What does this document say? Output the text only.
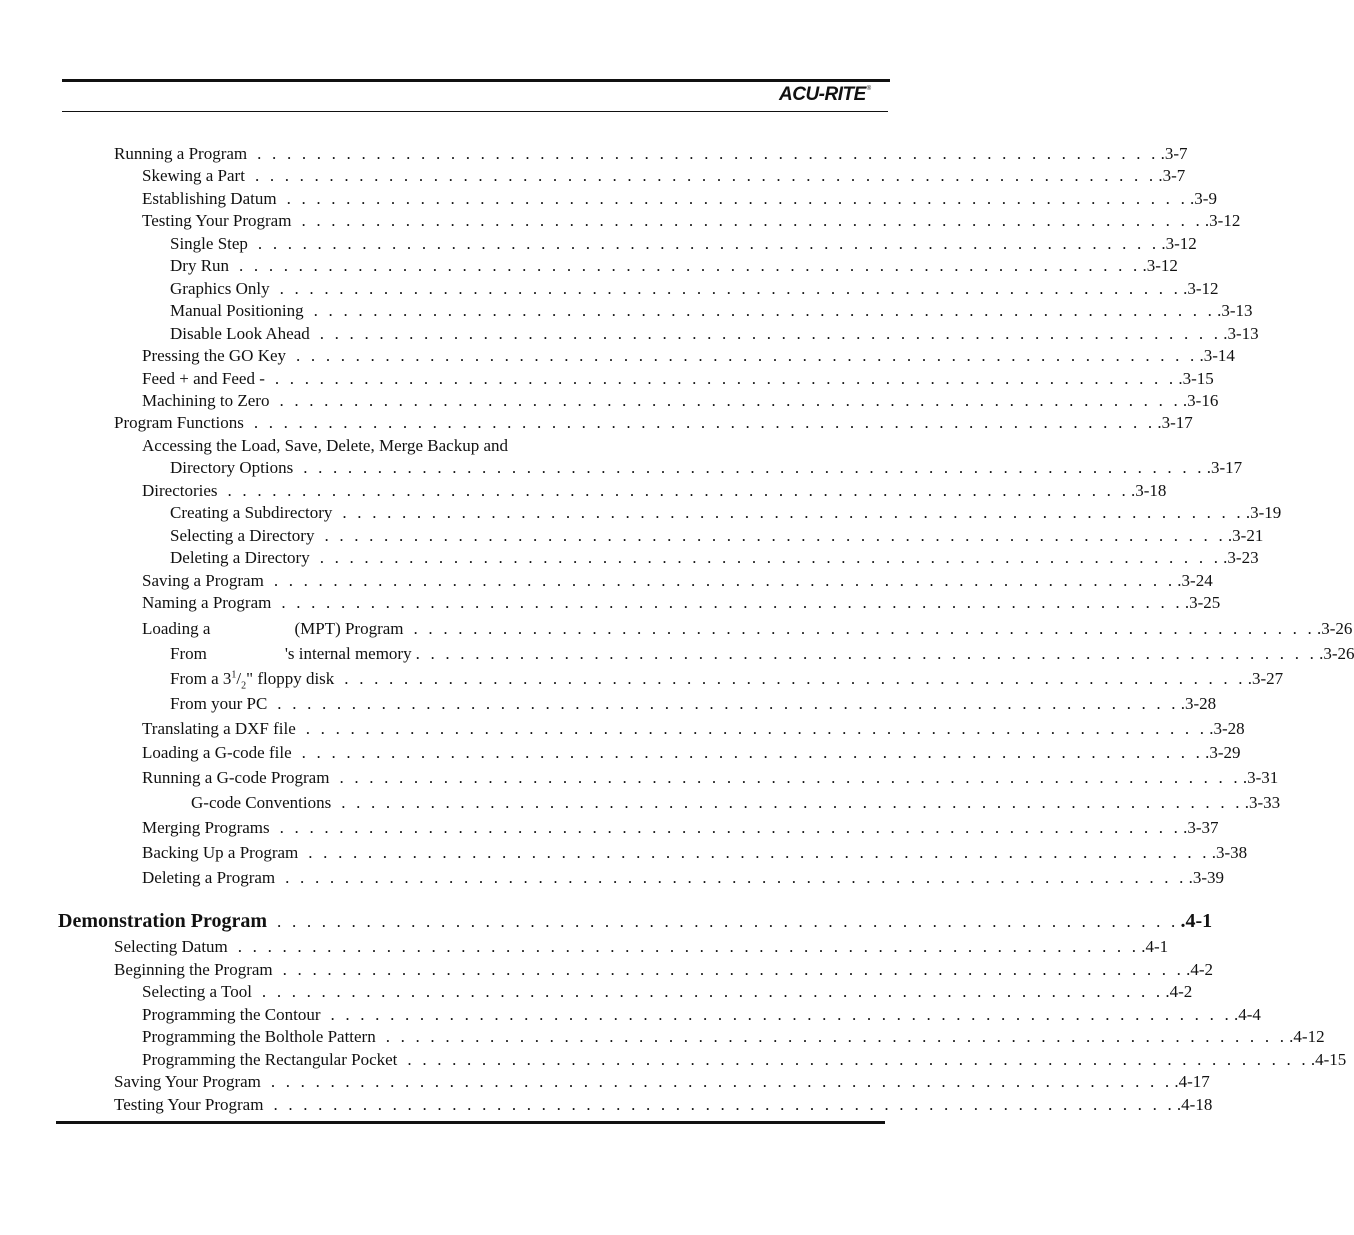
ACU-RITE®
Running a Program . . . . . . . . . . . . . . . . . . . . . . . . . . . . . . . . . . . . . . . . . . . . . . . . . . . . . . . . . . . . . .3-7
Skewing a Part . . . . . . . . . . . . . . . . . . . . . . . . . . . . . . . . . . . . . . . . . . . . . . . . . . . . . . . . . . . . . .3-7
Establishing Datum . . . . . . . . . . . . . . . . . . . . . . . . . . . . . . . . . . . . . . . . . . . . . . . . . . . . . . . . . . . . . .3-9
Testing Your Program . . . . . . . . . . . . . . . . . . . . . . . . . . . . . . . . . . . . . . . . . . . . . . . . . . . . . . . . . . . . . .3-12
Single Step . . . . . . . . . . . . . . . . . . . . . . . . . . . . . . . . . . . . . . . . . . . . . . . . . . . . . . . . . . . . . .3-12
Dry Run . . . . . . . . . . . . . . . . . . . . . . . . . . . . . . . . . . . . . . . . . . . . . . . . . . . . . . . . . . . . . .3-12
Graphics Only . . . . . . . . . . . . . . . . . . . . . . . . . . . . . . . . . . . . . . . . . . . . . . . . . . . . . . . . . . . . . .3-12
Manual Positioning . . . . . . . . . . . . . . . . . . . . . . . . . . . . . . . . . . . . . . . . . . . . . . . . . . . . . . . . . . . . . .3-13
Disable Look Ahead . . . . . . . . . . . . . . . . . . . . . . . . . . . . . . . . . . . . . . . . . . . . . . . . . . . . . . . . . . . . . .3-13
Pressing the GO Key . . . . . . . . . . . . . . . . . . . . . . . . . . . . . . . . . . . . . . . . . . . . . . . . . . . . . . . . . . . . . .3-14
Feed + and Feed - . . . . . . . . . . . . . . . . . . . . . . . . . . . . . . . . . . . . . . . . . . . . . . . . . . . . . . . . . . . . . .3-15
Machining to Zero . . . . . . . . . . . . . . . . . . . . . . . . . . . . . . . . . . . . . . . . . . . . . . . . . . . . . . . . . . . . . .3-16
Program Functions . . . . . . . . . . . . . . . . . . . . . . . . . . . . . . . . . . . . . . . . . . . . . . . . . . . . . . . . . . . . . .3-17
Accessing the Load, Save, Delete, Merge Backup and
Directory Options . . . . . . . . . . . . . . . . . . . . . . . . . . . . . . . . . . . . . . . . . . . . . . . . . . . . . . . . . . . . . .3-17
Directories . . . . . . . . . . . . . . . . . . . . . . . . . . . . . . . . . . . . . . . . . . . . . . . . . . . . . . . . . . . . . .3-18
Creating a Subdirectory . . . . . . . . . . . . . . . . . . . . . . . . . . . . . . . . . . . . . . . . . . . . . . . . . . . . . . . . . . . . . .3-19
Selecting a Directory . . . . . . . . . . . . . . . . . . . . . . . . . . . . . . . . . . . . . . . . . . . . . . . . . . . . . . . . . . . . . .3-21
Deleting a Directory . . . . . . . . . . . . . . . . . . . . . . . . . . . . . . . . . . . . . . . . . . . . . . . . . . . . . . . . . . . . . .3-23
Saving a Program . . . . . . . . . . . . . . . . . . . . . . . . . . . . . . . . . . . . . . . . . . . . . . . . . . . . . . . . . . . . . .3-24
Naming a Program . . . . . . . . . . . . . . . . . . . . . . . . . . . . . . . . . . . . . . . . . . . . . . . . . . . . . . . . . . . . . .3-25
Loading a	(MPT) Program . . . . . . . . . . . . . . . . . . . . . . . . . . . . . . . . . . . . . . . . . . . . . . . . . . . . . . . . . . . . . .3-26
From	's internal memory . . . . . . . . . . . . . . . . . . . . . . . . . . . . . . . . . . . . . . . . . . . . . . . . . . . . . . . . . . . . . .3-26
From a $3^1/_2$" floppy disk . . . . . . . . . . . . . . . . . . . . . . . . . . . . . . . . . . . . . . . . . . . . . . . . . . . . . . . . . . . . . .3-27
From your PC . . . . . . . . . . . . . . . . . . . . . . . . . . . . . . . . . . . . . . . . . . . . . . . . . . . . . . . . . . . . . .3-28
Translating a DXF file . . . . . . . . . . . . . . . . . . . . . . . . . . . . . . . . . . . . . . . . . . . . . . . . . . . . . . . . . . . . . .3-28
Loading a G-code file . . . . . . . . . . . . . . . . . . . . . . . . . . . . . . . . . . . . . . . . . . . . . . . . . . . . . . . . . . . . . .3-29
Running a G-code Program . . . . . . . . . . . . . . . . . . . . . . . . . . . . . . . . . . . . . . . . . . . . . . . . . . . . . . . . . . . . . .3-31
G-code Conventions . . . . . . . . . . . . . . . . . . . . . . . . . . . . . . . . . . . . . . . . . . . . . . . . . . . . . . . . . . . . . .3-33
Merging Programs . . . . . . . . . . . . . . . . . . . . . . . . . . . . . . . . . . . . . . . . . . . . . . . . . . . . . . . . . . . . . .3-37
Backing Up a Program . . . . . . . . . . . . . . . . . . . . . . . . . . . . . . . . . . . . . . . . . . . . . . . . . . . . . . . . . . . . . .3-38
Deleting a Program . . . . . . . . . . . . . . . . . . . . . . . . . . . . . . . . . . . . . . . . . . . . . . . . . . . . . . . . . . . . . .3-39
Demonstration Program . . . . . . . . . . . . . . . . . . . . . . . . . . . . . . . . . . . . . . . . . . . . . . . . . . . . . . . . . . . . . .4-1
Selecting Datum . . . . . . . . . . . . . . . . . . . . . . . . . . . . . . . . . . . . . . . . . . . . . . . . . . . . . . . . . . . . . .4-1
Beginning the Program . . . . . . . . . . . . . . . . . . . . . . . . . . . . . . . . . . . . . . . . . . . . . . . . . . . . . . . . . . . . . .4-2
Selecting a Tool . . . . . . . . . . . . . . . . . . . . . . . . . . . . . . . . . . . . . . . . . . . . . . . . . . . . . . . . . . . . . .4-2
Programming the Contour . . . . . . . . . . . . . . . . . . . . . . . . . . . . . . . . . . . . . . . . . . . . . . . . . . . . . . . . . . . . . .4-4
Programming the Bolthole Pattern . . . . . . . . . . . . . . . . . . . . . . . . . . . . . . . . . . . . . . . . . . . . . . . . . . . . . . . . . . . . . .4-12
Programming the Rectangular Pocket . . . . . . . . . . . . . . . . . . . . . . . . . . . . . . . . . . . . . . . . . . . . . . . . . . . . . . . . . . . . . .4-15
Saving Your Program . . . . . . . . . . . . . . . . . . . . . . . . . . . . . . . . . . . . . . . . . . . . . . . . . . . . . . . . . . . . . .4-17
Testing Your Program . . . . . . . . . . . . . . . . . . . . . . . . . . . . . . . . . . . . . . . . . . . . . . . . . . . . . . . . . . . . . .4-18
